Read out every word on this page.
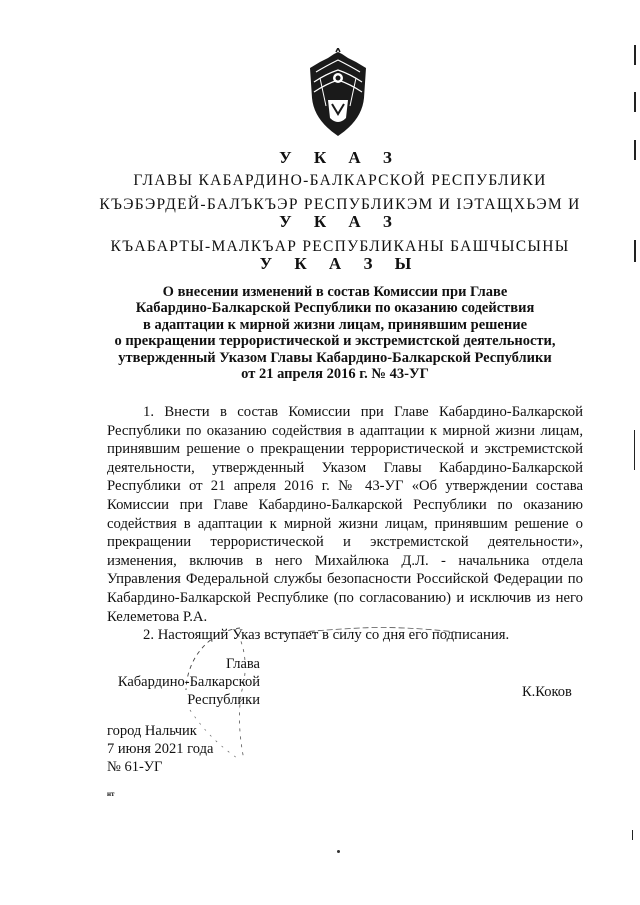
У К А З
ГЛАВЫ КАБАРДИНО-БАЛКАРСКОЙ РЕСПУБЛИКИ
КЪЭБЭРДЕЙ-БАЛЪКЪЭР РЕСПУБЛИКЭМ И ІЭТАЩХЬЭМ И
У К А З
КЪАБАРТЫ-МАЛКЪАР РЕСПУБЛИКАНЫ БАШЧЫСЫНЫ
У К А З Ы
О внесении изменений в состав Комиссии при Главе
Кабардино-Балкарской Республики по оказанию содействия
в адаптации к мирной жизни лицам, принявшим решение
о прекращении террористической и экстремистской деятельности,
утвержденный Указом Главы Кабардино-Балкарской Республики
от 21 апреля 2016 г. № 43-УГ

1. Внести в состав Комиссии при Главе Кабардино-Балкарской Республики по оказанию содействия в адаптации к мирной жизни лицам, принявшим решение о прекращении террористической и экстремистской деятельности, утвержденный Указом Главы Кабардино-Балкарской Республики от 21 апреля 2016 г. № 43-УГ «Об утверждении состава Комиссии при Главе Кабардино-Балкарской Республики по оказанию содействия в адаптации к мирной жизни лицам, принявшим решение о прекращении террористической и экстремистской деятельности», изменения, включив в него Михайлюка Д.Л. - начальника отдела Управления Федеральной службы безопасности Российской Федерации по Кабардино-Балкарской Республике (по согласованию) и исключив из него Келеметова Р.А.

2. Настоящий Указ вступает в силу со дня его подписания.

Глава
Кабардино-Балкарской
Республики	К.Коков
город Нальчик
7 июня 2021 года
№ 61-УГ
нт
